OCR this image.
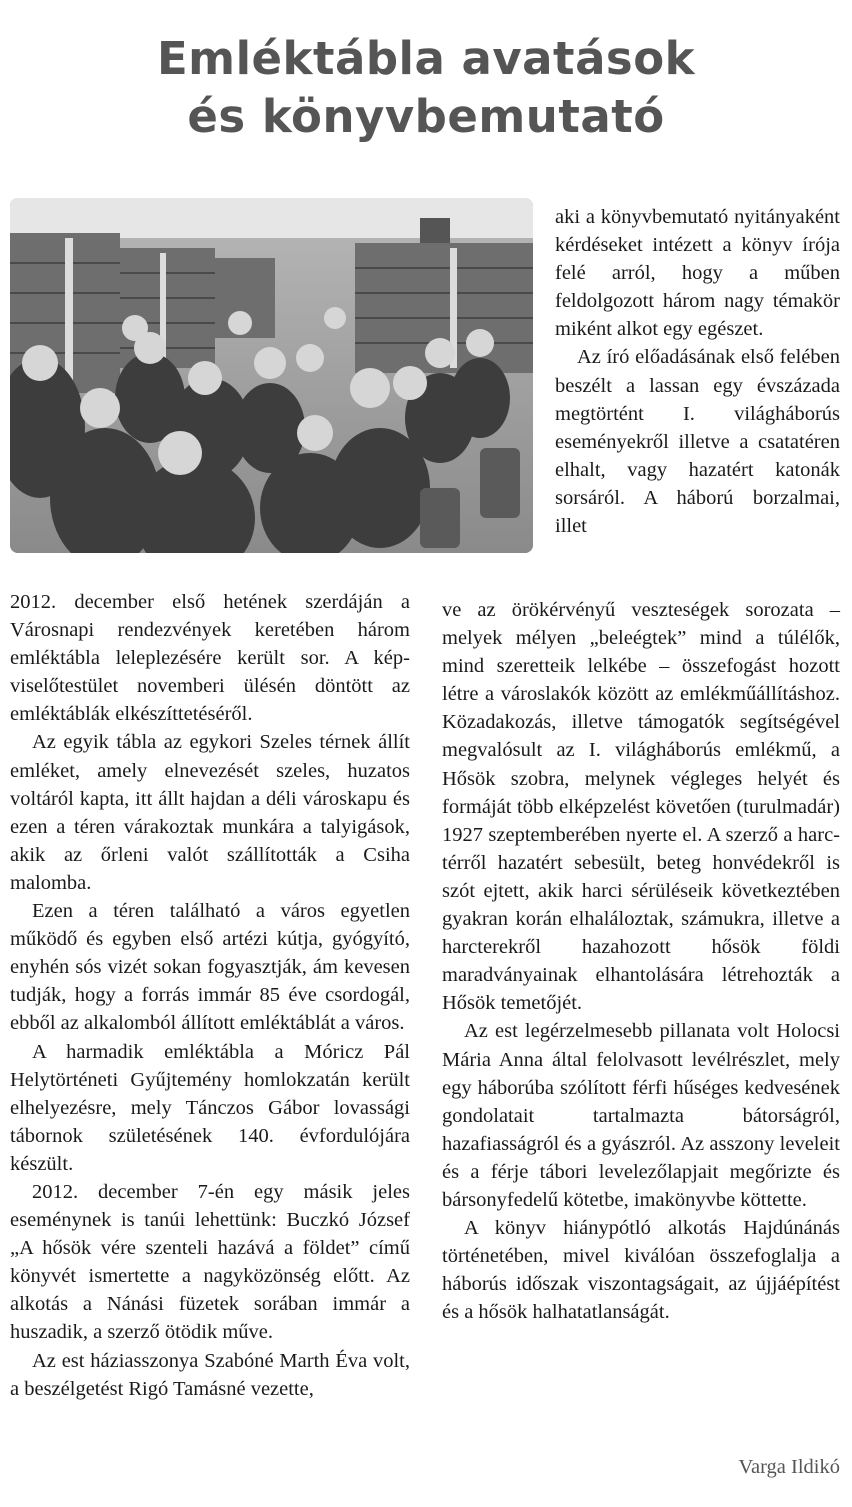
Emléktábla avatások
és könyvbemutató

aki a könyvbemutató nyitányaként kérdéseket intézett a könyv írója felé arról, hogy a műben feldolgozott három nagy témakör miként alkot egy egészet.

Az író előadásának első felében beszélt a lassan egy évszázada megtörtént I. világháborús eseményekről illetve a csatatéren elhalt, vagy hazatért katonák sorsáról. A háború borzalmai, illet

2012. december első hetének szerdáján a Városnapi rendezvények keretében három emléktábla leleplezésére került sor. A képviselőtestület novemberi ülésén döntött az emléktáblák elkészíttetéséről.

Az egyik tábla az egykori Szeles térnek állít emléket, amely elnevezését szeles, huzatos voltáról kapta, itt állt hajdan a déli városkapu és ezen a téren várakoztak munkára a talyigások, akik az őrleni valót szállították a Csiha malomba.

Ezen a téren található a város egyetlen működő és egyben első artézi kútja, gyógyító, enyhén sós vizét sokan fogyasztják, ám kevesen tudják, hogy a forrás immár 85 éve csordogál, ebből az alkalomból állított emléktáblát a város.

A harmadik emléktábla a Móricz Pál Helytörténeti Gyűjtemény homlokzatán került elhelyezésre, mely Tánczos Gábor lovassági tábornok születésének 140. évfordulójára készült.

2012. december 7-én egy másik jeles eseménynek is tanúi lehettünk: Buczkó József „A hősök vére szenteli hazává a földet” című könyvét ismertette a nagyközönség előtt. Az alkotás a Nánási füzetek sorában immár a huszadik, a szerző ötödik műve.

Az est háziasszonya Szabóné Marth Éva volt, a beszélgetést Rigó Tamásné vezette,

ve az örökérvényű veszteségek sorozata – melyek mélyen „beleégtek” mind a túlélők, mind szeretteik lelkébe – összefogást hozott létre a városlakók között az emlékműállításhoz. Közadakozás, illetve támogatók segítségével megvalósult az I. világháborús emlékmű, a Hősök szobra, melynek végleges helyét és formáját több elképzelést követően (turulmadár) 1927 szeptemberében nyerte el. A szerző a harctérről hazatért sebesült, beteg honvédekről is szót ejtett, akik harci sérüléseik következtében gyakran korán elhaláloztak, számukra, illetve a harcterekről hazahozott hősök földi maradványainak elhantolására létrehozták a Hősök temetőjét.

Az est legérzelmesebb pillanata volt Holocsi Mária Anna által felolvasott levélrészlet, mely egy háborúba szólított férfi hűséges kedvesének gondolatait tartalmazta bátorságról, hazafiasságról és a gyászról. Az asszony leveleit és a férje tábori levelezőlapjait megőrizte és bársonyfedelű kötetbe, imakönyvbe köttette.

A könyv hiánypótló alkotás Hajdúnánás történetében, mivel kiválóan összefoglalja a háborús időszak viszontagságait, az újjáépítést és a hősök halhatatlanságát.

Varga Ildikó
